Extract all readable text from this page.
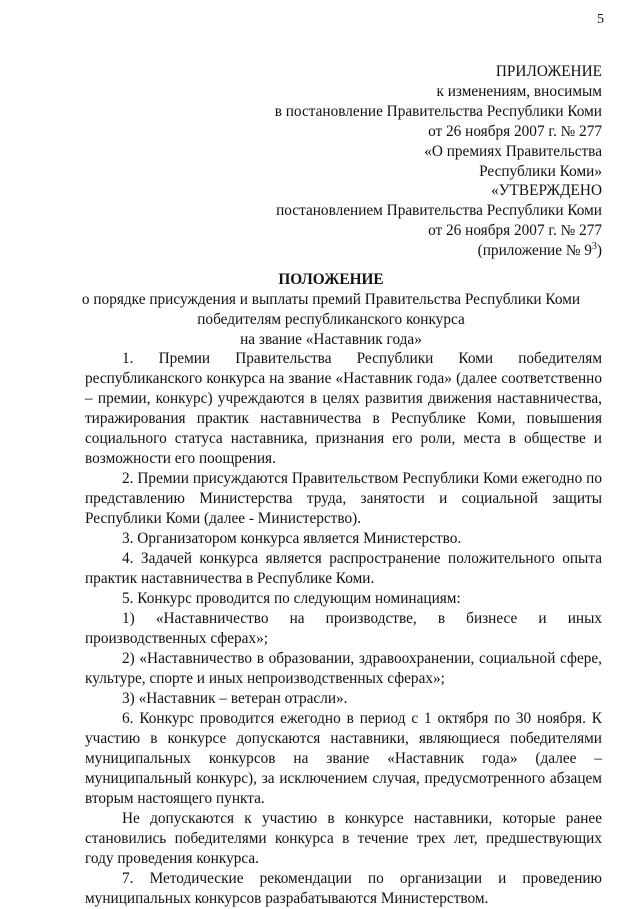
5
ПРИЛОЖЕНИЕ
к изменениям, вносимым
в постановление Правительства Республики Коми
от 26 ноября 2007 г. № 277
«О премиях Правительства
Республики Коми»
«УТВЕРЖДЕНО
постановлением Правительства Республики Коми
от 26 ноября 2007 г. № 277
(приложение № $9^3$)
ПОЛОЖЕНИЕ
о порядке присуждения и выплаты премий Правительства Республики Коми
победителям республиканского конкурса
на звание «Наставник года»

1. Премии Правительства Республики Коми победителям республиканского конкурса на звание «Наставник года» (далее соответственно – премии, конкурс) учреждаются в целях развития движения наставничества, тиражирования практик наставничества в Республике Коми, повышения социального статуса наставника, признания его роли, места в обществе и возможности его поощрения.

2. Премии присуждаются Правительством Республики Коми ежегодно по представлению Министерства труда, занятости и социальной защиты Республики Коми (далее - Министерство).

3. Организатором конкурса является Министерство.

4. Задачей конкурса является распространение положительного опыта практик наставничества в Республике Коми.

5. Конкурс проводится по следующим номинациям:

1) «Наставничество на производстве, в бизнесе и иных производственных сферах»;

2) «Наставничество в образовании, здравоохранении, социальной сфере, культуре, спорте и иных непроизводственных сферах»;

3) «Наставник – ветеран отрасли».

6. Конкурс проводится ежегодно в период с 1 октября по 30 ноября. К участию в конкурсе допускаются наставники, являющиеся победителями муниципальных конкурсов на звание «Наставник года» (далее – муниципальный конкурс), за исключением случая, предусмотренного абзацем вторым настоящего пункта.

Не допускаются к участию в конкурсе наставники, которые ранее становились победителями конкурса в течение трех лет, предшествующих году проведения конкурса.

7. Методические рекомендации по организации и проведению муниципальных конкурсов разрабатываются Министерством.
